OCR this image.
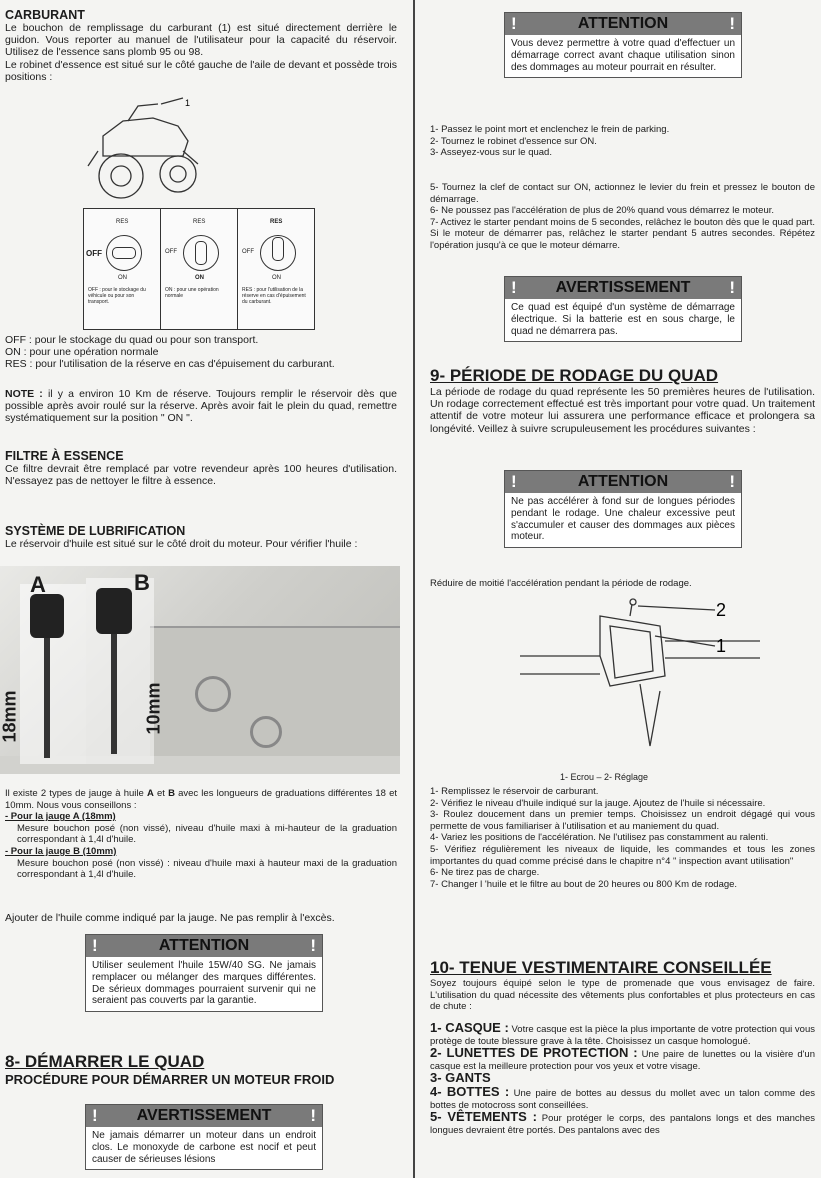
CARBURANT

Le bouchon de remplissage du carburant (1) est situé directement derrière le guidon. Vous reporter au manuel de l'utilisateur pour la capacité du réservoir. Utilisez de l'essence sans plomb 95 ou 98.

Le robinet d'essence est situé sur le côté gauche de l'aile de devant et possède trois positions :

1
RES
OFF
ON
OFF : pour le stockage du véhicule ou pour son transport.
RES
OFF
ON
ON : pour une opération normale
RES
OFF
ON
RES : pour l'utilisation de la réserve en cas d'épuisement du carburant.

OFF : pour le stockage du quad ou pour son transport.

ON : pour une opération normale

RES : pour l'utilisation de la réserve en cas d'épuisement du carburant.

NOTE : il y a environ 10 Km de réserve. Toujours remplir le réservoir dès que possible après avoir roulé sur la réserve. Après avoir fait le plein du quad, remettre systématiquement sur la position " ON ".

FILTRE À ESSENCE

Ce filtre devrait être remplacé par votre revendeur après 100 heures d'utilisation. N'essayez pas de nettoyer le filtre à essence.

SYSTÈME DE LUBRIFICATION

Le réservoir d'huile est situé sur le côté droit du moteur. Pour vérifier l'huile :

A	B
18mm	10mm

Il existe 2 types de jauge à huile A et B avec les longueurs de graduations différentes 18 et 10mm. Nous vous conseillons :

- Pour la jauge A (18mm)

Mesure bouchon posé (non vissé), niveau d'huile maxi à mi-hauteur de la graduation correspondant à 1,4l d'huile.

- Pour la jauge B (10mm)

Mesure bouchon posé (non vissé) : niveau d'huile maxi à hauteur maxi de la graduation correspondant à 1,4l d'huile.

Ajouter de l'huile comme indiqué par la jauge. Ne pas remplir à l'excès.

!	ATTENTION	!
Utiliser seulement l'huile 15W/40 SG. Ne jamais remplacer ou mélanger des marques différentes. De sérieux dommages pourraient survenir qui ne seraient pas couverts par la garantie.
8- DÉMARRER LE QUAD
PROCÉDURE POUR DÉMARRER UN MOTEUR FROID
! AVERTISSEMENT !
Ne jamais démarrer un moteur dans un endroit clos. Le monoxyde de carbone est nocif et peut causer de sérieuses lésions
!	ATTENTION	!
Vous devez permettre à votre quad d'effectuer un démarrage correct avant chaque utilisation sinon des dommages au moteur pourrait en résulter.

1- Passez le point mort et enclenchez le frein de parking.

2- Tournez le robinet d'essence sur ON.

3- Asseyez-vous sur le quad.

5- Tournez la clef de contact sur ON, actionnez le levier du frein et pressez le bouton de démarrage.

6- Ne poussez pas l'accélération de plus de 20% quand vous démarrez le moteur.

7- Activez le starter pendant moins de 5 secondes, relâchez le bouton dès que le quad part. Si le moteur de démarrer pas, relâchez le starter pendant 5 autres secondes. Répétez l'opération jusqu'à ce que le moteur démarre.

! AVERTISSEMENT !
Ce quad est équipé d'un système de démarrage électrique. Si la batterie est en sous charge, le quad ne démarrera pas.
9- PÉRIODE DE RODAGE DU QUAD

La période de rodage du quad représente les 50 premières heures de l'utilisation. Un rodage correctement effectué est très important pour votre quad. Un traitement attentif de votre moteur lui assurera une performance efficace et prolongera sa longévité. Veillez à suivre scrupuleusement les procédures suivantes :

!	ATTENTION	!
Ne pas accélérer à fond sur de longues périodes pendant le rodage. Une chaleur excessive peut s'accumuler et causer des dommages aux pièces moteur.

Réduire de moitié l'accélération pendant la période de rodage.

2
1
1- Ecrou – 2- Réglage

1- Remplissez le réservoir de carburant.

2- Vérifiez le niveau d'huile indiqué sur la jauge. Ajoutez de l'huile si nécessaire.

3- Roulez doucement dans un premier temps. Choisissez un endroit dégagé qui vous permette de vous familiariser à l'utilisation et au maniement du quad.

4- Variez les positions de l'accélération. Ne l'utilisez pas constamment au ralenti.

5- Vérifiez régulièrement les niveaux de liquide, les commandes et tous les zones importantes du quad comme précisé dans le chapitre n°4 " inspection avant utilisation"

6- Ne tirez pas de charge.

7- Changer l 'huile et le filtre au bout de 20 heures ou 800 Km de rodage.

10- TENUE VESTIMENTAIRE CONSEILLÉE

Soyez toujours équipé selon le type de promenade que vous envisagez de faire. L'utilisation du quad nécessite des vêtements plus confortables et plus protecteurs en cas de chute :

1- CASQUE : Votre casque est la pièce la plus importante de votre protection qui vous protège de toute blessure grave à la tête. Choisissez un casque homologué.

2- LUNETTES DE PROTECTION : Une paire de lunettes ou la visière d'un casque est la meilleure protection pour vos yeux et votre visage.

3- GANTS

4- BOTTES : Une paire de bottes au dessus du mollet avec un talon comme des bottes de motocross sont conseillées.

5- VÊTEMENTS : Pour protéger le corps, des pantalons longs et des manches longues devraient être portés. Des pantalons avec des
